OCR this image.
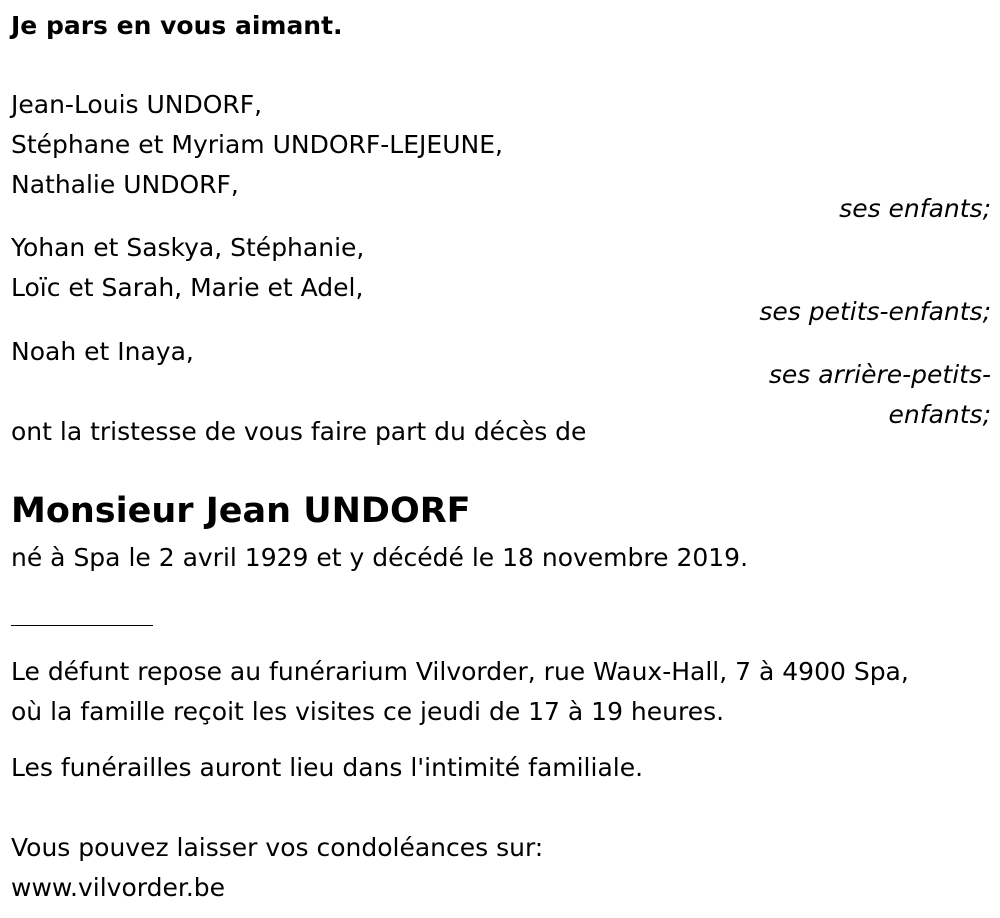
Je pars en vous aimant.
Jean-Louis UNDORF,
Stéphane et Myriam UNDORF-LEJEUNE,
Nathalie UNDORF,
ses enfants;
Yohan et Saskya, Stéphanie,
Loïc et Sarah, Marie et Adel,
ses petits-enfants;
Noah et Inaya,
ses arrière-petits-
enfants;
ont la tristesse de vous faire part du décès de
Monsieur Jean UNDORF
né à Spa le 2 avril 1929 et y décédé le 18 novembre 2019.
Le défunt repose au funérarium Vilvorder, rue Waux-Hall, 7 à 4900 Spa,
où la famille reçoit les visites ce jeudi de 17 à 19 heures.
Les funérailles auront lieu dans l'intimité familiale.
Vous pouvez laisser vos condoléances sur:
www.vilvorder.be
